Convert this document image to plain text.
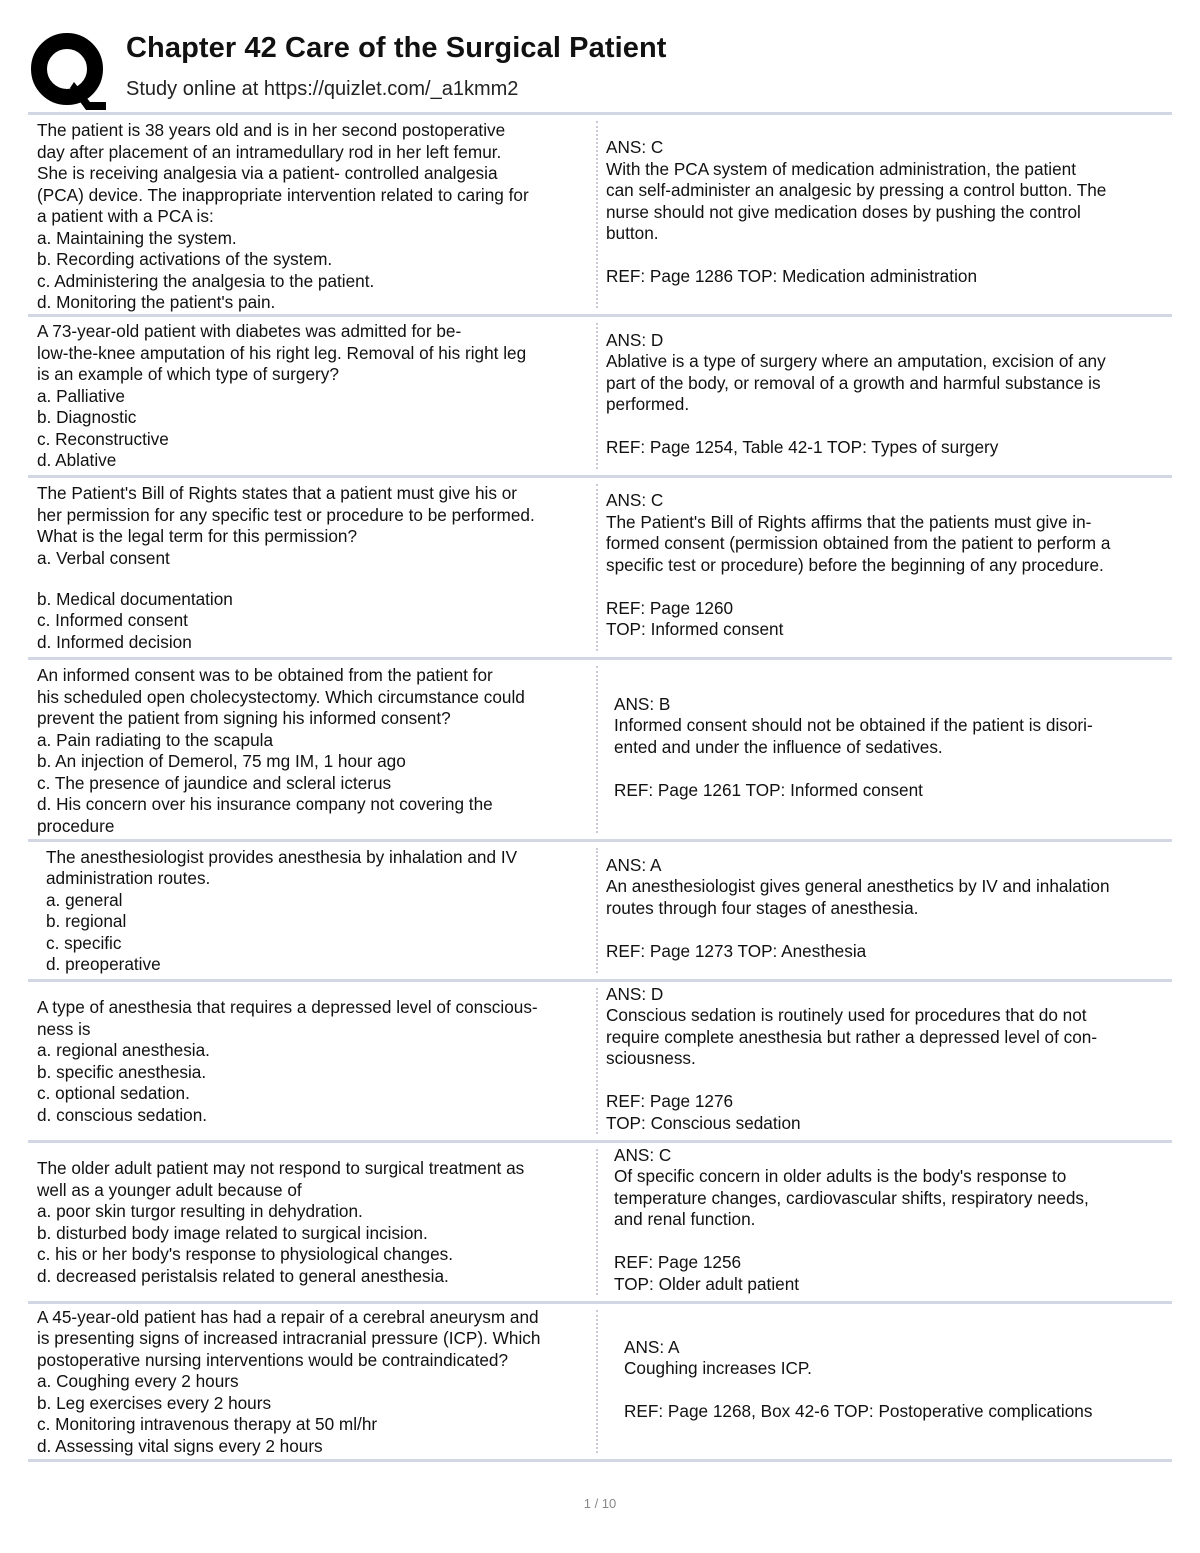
Chapter 42 Care of the Surgical Patient

Study online at https://quizlet.com/_a1kmm2

The patient is 38 years old and is in her second postoperative
day after placement of an intramedullary rod in her left femur.
She is receiving analgesia via a patient- controlled analgesia
(PCA) device. The inappropriate intervention related to caring for
a patient with a PCA is:
a. Maintaining the system.
b. Recording activations of the system.
c. Administering the analgesia to the patient.
d. Monitoring the patient's pain.
ANS: C
With the PCA system of medication administration, the patient
can self-administer an analgesic by pressing a control button. The
nurse should not give medication doses by pushing the control
button.
REF: Page 1286 TOP: Medication administration
A 73-year-old patient with diabetes was admitted for be-
low-the-knee amputation of his right leg. Removal of his right leg
is an example of which type of surgery?
a. Palliative
b. Diagnostic
c. Reconstructive
d. Ablative
ANS: D
Ablative is a type of surgery where an amputation, excision of any
part of the body, or removal of a growth and harmful substance is
performed.
REF: Page 1254, Table 42-1 TOP: Types of surgery
The Patient's Bill of Rights states that a patient must give his or
her permission for any specific test or procedure to be performed.
What is the legal term for this permission?
a. Verbal consent
b. Medical documentation
c. Informed consent
d. Informed decision
ANS: C
The Patient's Bill of Rights affirms that the patients must give in-
formed consent (permission obtained from the patient to perform a
specific test or procedure) before the beginning of any procedure.
REF: Page 1260
TOP: Informed consent
An informed consent was to be obtained from the patient for
his scheduled open cholecystectomy. Which circumstance could
prevent the patient from signing his informed consent?
a. Pain radiating to the scapula
b. An injection of Demerol, 75 mg IM, 1 hour ago
c. The presence of jaundice and scleral icterus
d. His concern over his insurance company not covering the
procedure
ANS: B
Informed consent should not be obtained if the patient is disori-
ented and under the influence of sedatives.
REF: Page 1261 TOP: Informed consent
The anesthesiologist provides anesthesia by inhalation and IV
administration routes.
a. general
b. regional
c. specific
d. preoperative
ANS: A
An anesthesiologist gives general anesthetics by IV and inhalation
routes through four stages of anesthesia.
REF: Page 1273 TOP: Anesthesia
A type of anesthesia that requires a depressed level of conscious-
ness is
a. regional anesthesia.
b. specific anesthesia.
c. optional sedation.
d. conscious sedation.
ANS: D
Conscious sedation is routinely used for procedures that do not
require complete anesthesia but rather a depressed level of con-
sciousness.
REF: Page 1276
TOP: Conscious sedation
The older adult patient may not respond to surgical treatment as
well as a younger adult because of
a. poor skin turgor resulting in dehydration.
b. disturbed body image related to surgical incision.
c. his or her body's response to physiological changes.
d. decreased peristalsis related to general anesthesia.
ANS: C
Of specific concern in older adults is the body's response to
temperature changes, cardiovascular shifts, respiratory needs,
and renal function.
REF: Page 1256
TOP: Older adult patient
A 45-year-old patient has had a repair of a cerebral aneurysm and
is presenting signs of increased intracranial pressure (ICP). Which
postoperative nursing interventions would be contraindicated?
a. Coughing every 2 hours
b. Leg exercises every 2 hours
c. Monitoring intravenous therapy at 50 ml/hr
d. Assessing vital signs every 2 hours
ANS: A
Coughing increases ICP.
REF: Page 1268, Box 42-6 TOP: Postoperative complications
1 / 10
